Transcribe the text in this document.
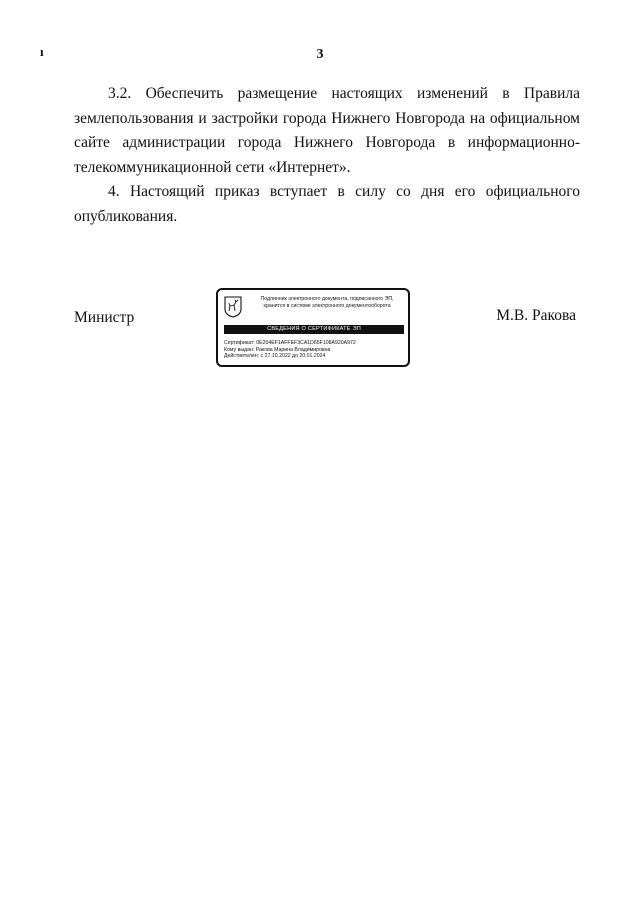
ı	3

3.2. Обеспечить размещение настоящих изменений в Правила землепользования и застройки города Нижнего Новгорода на официальном сайте администрации города Нижнего Новгорода в информационно-телекоммуникационной сети «Интернет».

4. Настоящий приказ вступает в силу со дня его официального опубликования.

Министр
Подлинник электронного документа, подписанного ЭП,
хранится в системе электронного документооборота
СВЕДЕНИЯ О СЕРТИФИКАТЕ ЭП
Сертификат: 0E204EF1AFFEF3CA1D65F108A920A972
Кому выдан: Ракова Марина Владимировна
Действителен: с 27.10.2022 до 20.01.2024
М.В. Ракова
